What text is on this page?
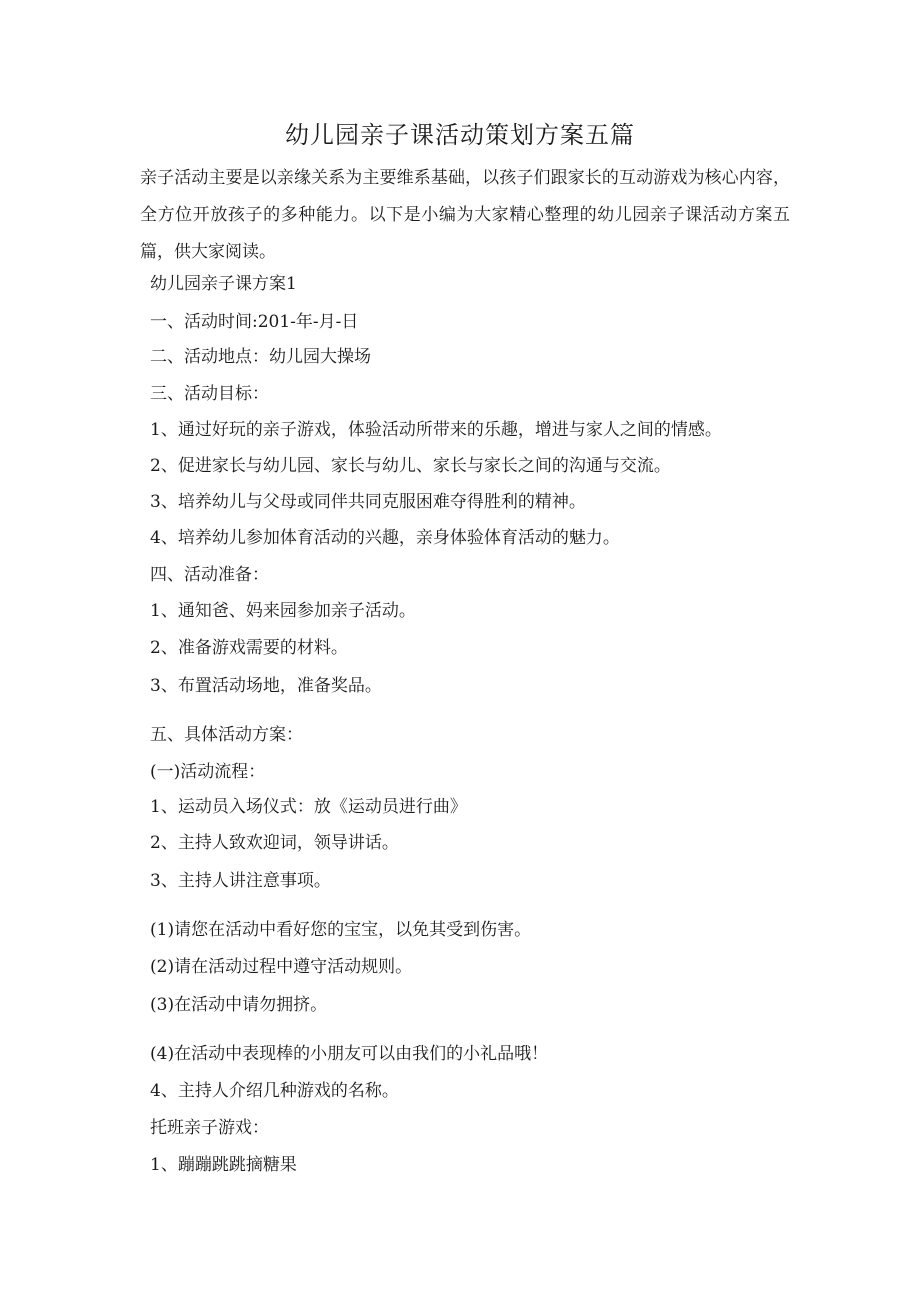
幼儿园亲子课活动策划方案五篇

亲子活动主要是以亲缘关系为主要维系基础，以孩子们跟家长的互动游戏为核心内容，全方位开放孩子的多种能力。以下是小编为大家精心整理的幼儿园亲子课活动方案五篇，供大家阅读。

幼儿园亲子课方案1

一、活动时间:201-年-月-日

二、活动地点：幼儿园大操场

三、活动目标：

1、通过好玩的亲子游戏，体验活动所带来的乐趣，增进与家人之间的情感。

2、促进家长与幼儿园、家长与幼儿、家长与家长之间的沟通与交流。

3、培养幼儿与父母或同伴共同克服困难夺得胜利的精神。

4、培养幼儿参加体育活动的兴趣，亲身体验体育活动的魅力。

四、活动准备：

1、通知爸、妈来园参加亲子活动。

2、准备游戏需要的材料。

3、布置活动场地，准备奖品。

五、具体活动方案：

(一)活动流程：

1、运动员入场仪式：放《运动员进行曲》

2、主持人致欢迎词，领导讲话。

3、主持人讲注意事项。

(1)请您在活动中看好您的宝宝，以免其受到伤害。

(2)请在活动过程中遵守活动规则。

(3)在活动中请勿拥挤。

(4)在活动中表现棒的小朋友可以由我们的小礼品哦！

4、主持人介绍几种游戏的名称。

托班亲子游戏：

1、蹦蹦跳跳摘糖果
